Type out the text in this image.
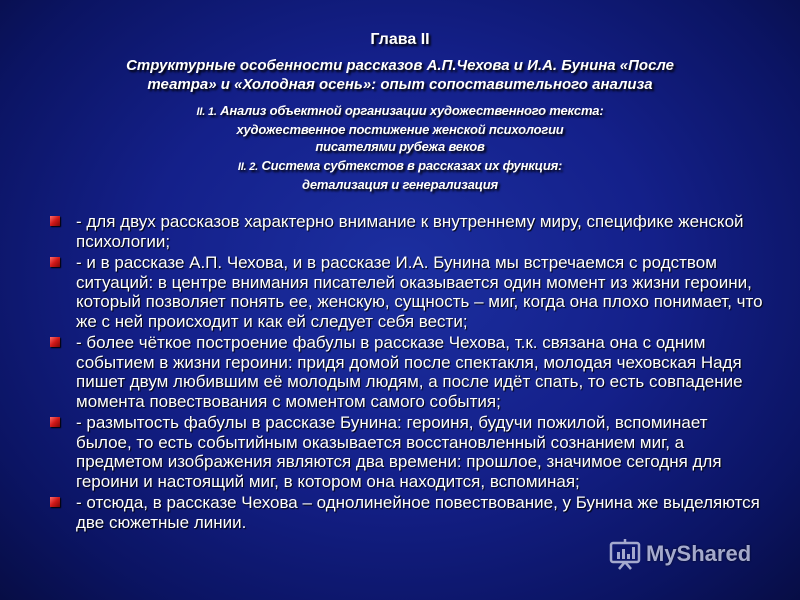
Глава II
Структурные особенности рассказов А.П.Чехова и И.А. Бунина «После
театра» и «Холодная осень»: опыт сопоставительного анализа
II. 1. Анализ объектной организации художественного текста:
художественное постижение женской психологии
писателями рубежа веков
II. 2. Система субтекстов в рассказах их функция:
детализация и генерализация
- для двух рассказов характерно внимание к внутреннему миру, специфике женской психологии;
- и в рассказе А.П. Чехова, и в рассказе И.А. Бунина мы встречаемся с родством ситуаций: в центре внимания писателей оказывается один момент из жизни героини, который позволяет понять ее, женскую, сущность – миг, когда она плохо понимает, что же с ней происходит и как ей следует себя вести;
- более чёткое построение фабулы в рассказе Чехова, т.к. связана она с одним событием в жизни героини: придя домой после спектакля, молодая чеховская Надя пишет двум любившим её молодым людям, а после идёт спать, то есть совпадение момента повествования с моментом самого события;
- размытость фабулы в рассказе Бунина: героиня, будучи пожилой, вспоминает былое, то есть событийным оказывается восстановленный сознанием миг, а предметом изображения являются два времени: прошлое, значимое сегодня для героини и настоящий миг, в котором она находится, вспоминая;
- отсюда, в рассказе Чехова – однолинейное повествование, у Бунина же выделяются две сюжетные линии.
MyShared
